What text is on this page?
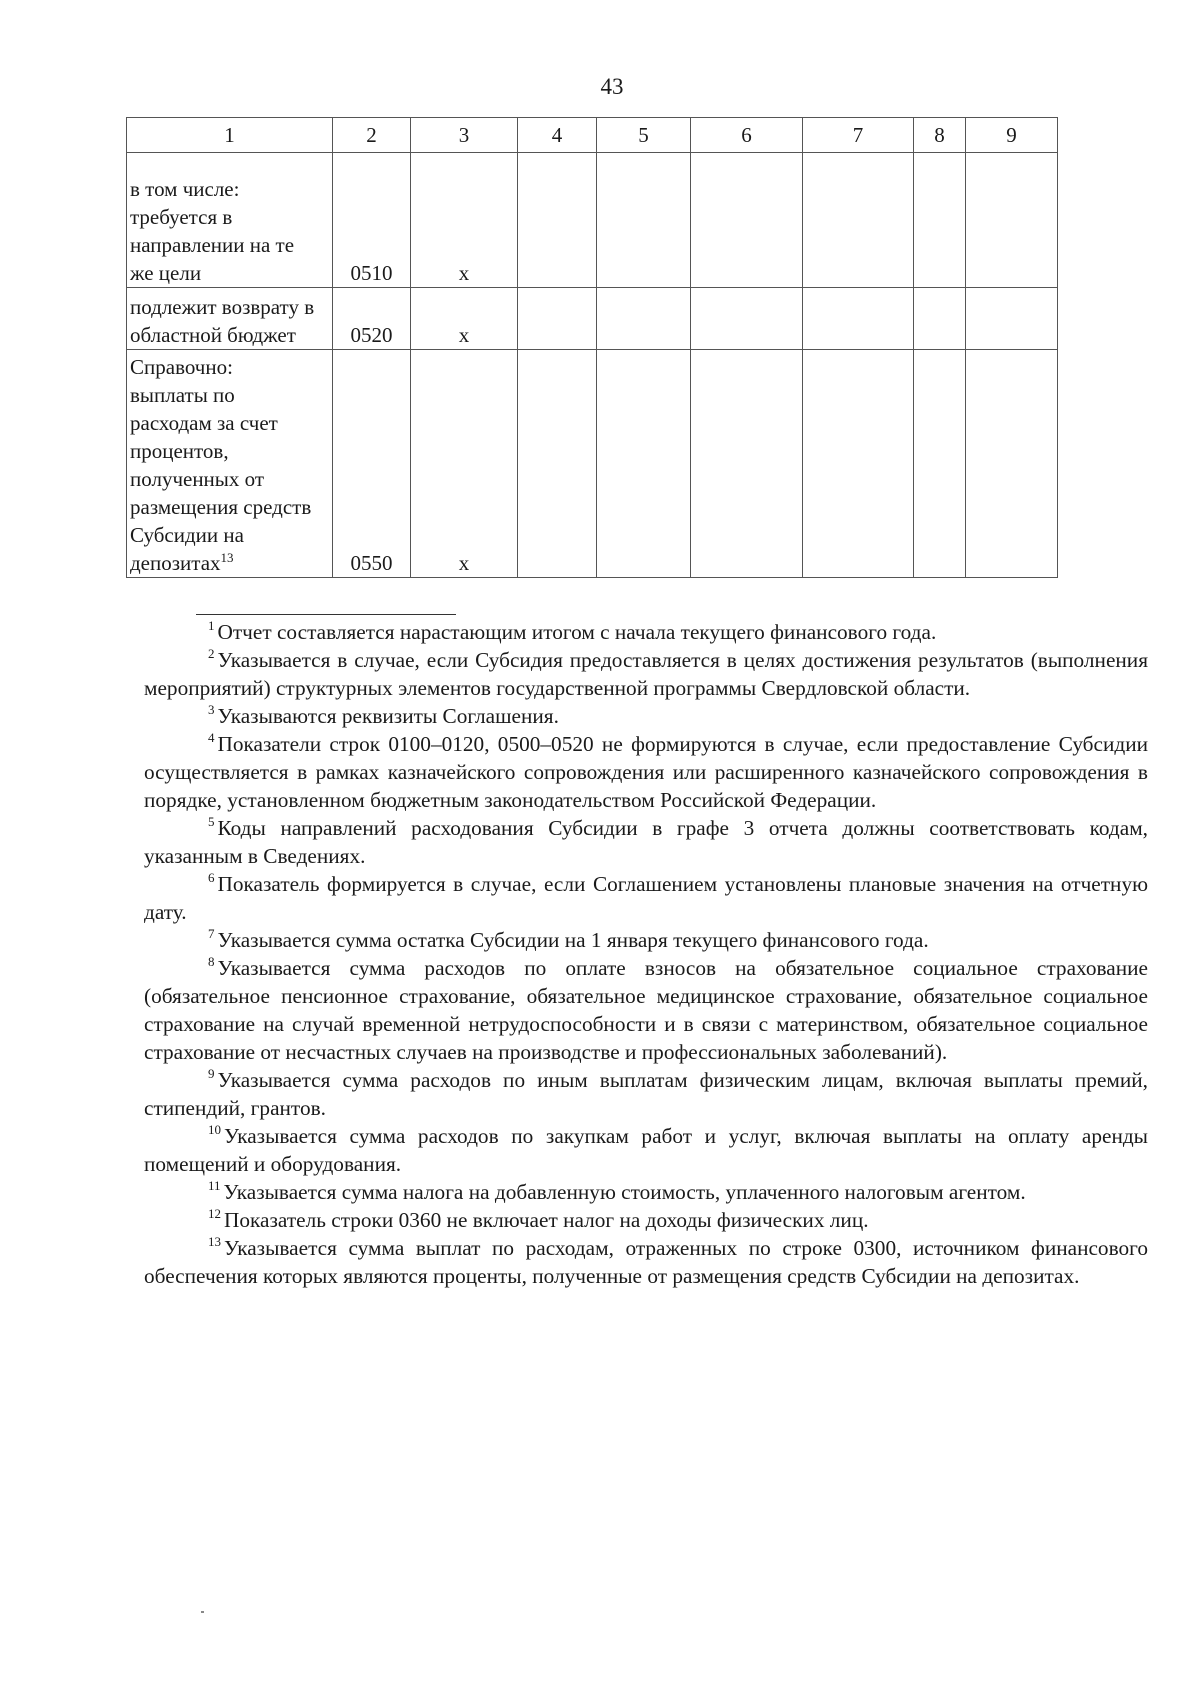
43
1	2	3	4	5	6	7	8	9

в том числе:
требуется в
направлении на те
же цели	0510	x						

подлежит возврату в
областной бюджет	0520	x						

Справочно:
выплаты по
расходам за счет
процентов,
полученных от
размещения средств
Субсидии на
депозитах$^{13}$	0550	x						

$^1$ Отчет составляется нарастающим итогом с начала текущего финансового года.

$^2$ Указывается в случае, если Субсидия предоставляется в целях достижения результатов (выполнения мероприятий) структурных элементов государственной программы Свердловской области.

$^3$ Указываются реквизиты Соглашения.

$^4$ Показатели строк 0100–0120, 0500–0520 не формируются в случае, если предоставление Субсидии осуществляется в рамках казначейского сопровождения или расширенного казначейского сопровождения в порядке, установленном бюджетным законодательством Российской Федерации.

$^5$ Коды направлений расходования Субсидии в графе 3 отчета должны соответствовать кодам, указанным в Сведениях.

$^6$ Показатель формируется в случае, если Соглашением установлены плановые значения на отчетную дату.

$^7$ Указывается сумма остатка Субсидии на 1 января текущего финансового года.

$^8$ Указывается сумма расходов по оплате взносов на обязательное социальное страхование (обязательное пенсионное страхование, обязательное медицинское страхование, обязательное социальное страхование на случай временной нетрудоспособности и в связи с материнством, обязательное социальное страхование от несчастных случаев на производстве и профессиональных заболеваний).

$^9$ Указывается сумма расходов по иным выплатам физическим лицам, включая выплаты премий, стипендий, грантов.

$^{10}$ Указывается сумма расходов по закупкам работ и услуг, включая выплаты на оплату аренды помещений и оборудования.

$^{11}$ Указывается сумма налога на добавленную стоимость, уплаченного налоговым агентом.

$^{12}$ Показатель строки 0360 не включает налог на доходы физических лиц.

$^{13}$ Указывается сумма выплат по расходам, отраженных по строке 0300, источником финансового обеспечения которых являются проценты, полученные от размещения средств Субсидии на депозитах.
